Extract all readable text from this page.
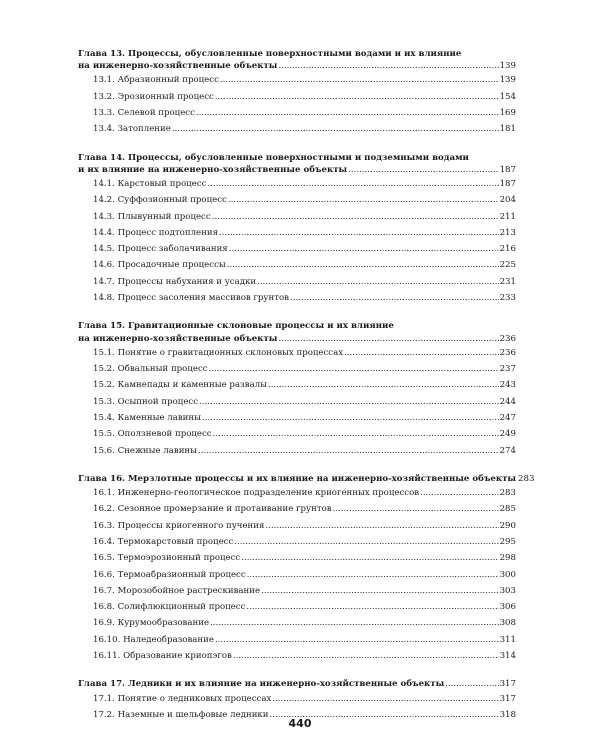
Глава 13. Процессы, обусловленные поверхностными водами и их влияние
на инженерно-хозяйственные объекты .....	139
13.1. Абразионный процесс .....	139
13.2. Эрозионный процесс .....	154
13.3. Селевой процесс .....	169
13.4. Затопление .....	181
Глава 14. Процессы, обусловленные поверхностными и подземными водами
и их влияние на инженерно-хозяйственные объекты .....	187
14.1. Карстовый процесс .....	187
14.2. Суффозионный процесс .....	204
14.3. Плывунный процесс .....	211
14.4. Процесс подтопления .....	213
14.5. Процесс заболачивания .....	216
14.6. Просадочные процессы .....	225
14.7. Процессы набухания и усадки .....	231
14.8. Процесс засоления массивов грунтов .....	233
Глава 15. Гравитационные склоновые процессы и их влияние
на инженерно-хозяйственные объекты .....	236
15.1. Понятие о гравитационных склоновых процессах .....	236
15.2. Обвальный процесс .....	237
15.2. Камнепады и каменные развалы .....	243
15.3. Осыпной процесс .....	244
15.4. Каменные лавины .....	247
15.5. Оползневой процесс .....	249
15.6. Снежные лавины .....	274
Глава 16. Мерзлотные процессы и их влияние на инженерно-хозяйственные объекты 283
16.1. Инженерно-геологическое подразделение криогенных процессов .....	283
16.2. Сезонное промерзание и протаивание грунтов .....	285
16.3. Процессы криогенного пучения .....	290
16.4. Термокарстовый процесс .....	295
16.5. Термоэрозионный процесс .....	298
16.6. Термоабразионный процесс .....	300
16.7. Морозобойное растрескивание .....	303
16.8. Солифлюкционный процесс .....	306
16.9. Курумообразование .....	308
16.10. Наледеобразование .....	311
16.11. Образование криопэгов .....	314
Глава 17. Ледники и их влияние на инженерно-хозяйственные объекты .....	317
17.1. Понятие о ледниковых процессах .....	317
17.2. Наземные и шельфовые ледники .....	318
440
